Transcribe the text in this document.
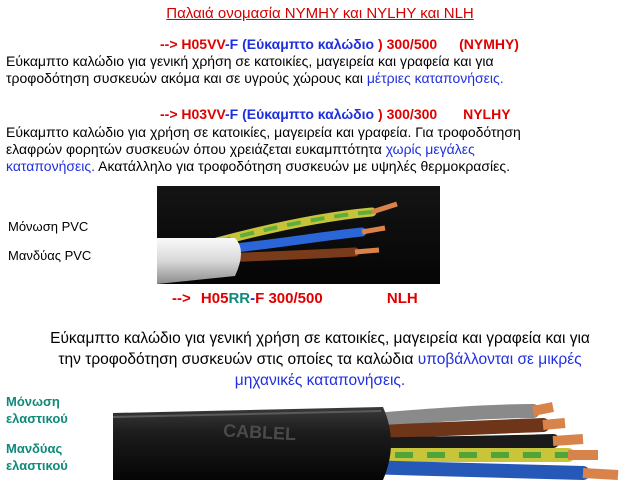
Παλαιά ονομασία NYMHY και NYLHY και NLH
--> H05VV-F (Εύκαμπτο καλώδιο ) 300/500 (NYMHY)
Εύκαμπτο καλώδιο για γενική χρήση σε κατοικίες, μαγειρεία και γραφεία και για
τροφοδότηση συσκευών ακόμα και σε υγρούς χώρους και μέτριες καταπονήσεις.
--> H03VV-F (Εύκαμπτο καλώδιο ) 300/300 NYLHY
Εύκαμπτο καλώδιο για χρήση σε κατοικίες, μαγειρεία και γραφεία. Για τροφοδότηση
ελαφρών φορητών συσκευών όπου χρειάζεται ευκαμπτότητα χωρίς μεγάλες
καταπονήσεις. Ακατάλληλο για τροφοδότηση συσκευών με υψηλές θερμοκρασίες.
Μόνωση PVC
Μανδύας PVC
--> H05RR-F 300/500	NLH
Εύκαμπτο καλώδιο για γενική χρήση σε κατοικίες, μαγειρεία και γραφεία και για
την τροφοδότηση συσκευών στις οποίες τα καλώδια υποβάλλονται σε μικρές
μηχανικές καταπονήσεις.
Μόνωση
ελαστικού
Μανδύας
ελαστικού
CABLEL
